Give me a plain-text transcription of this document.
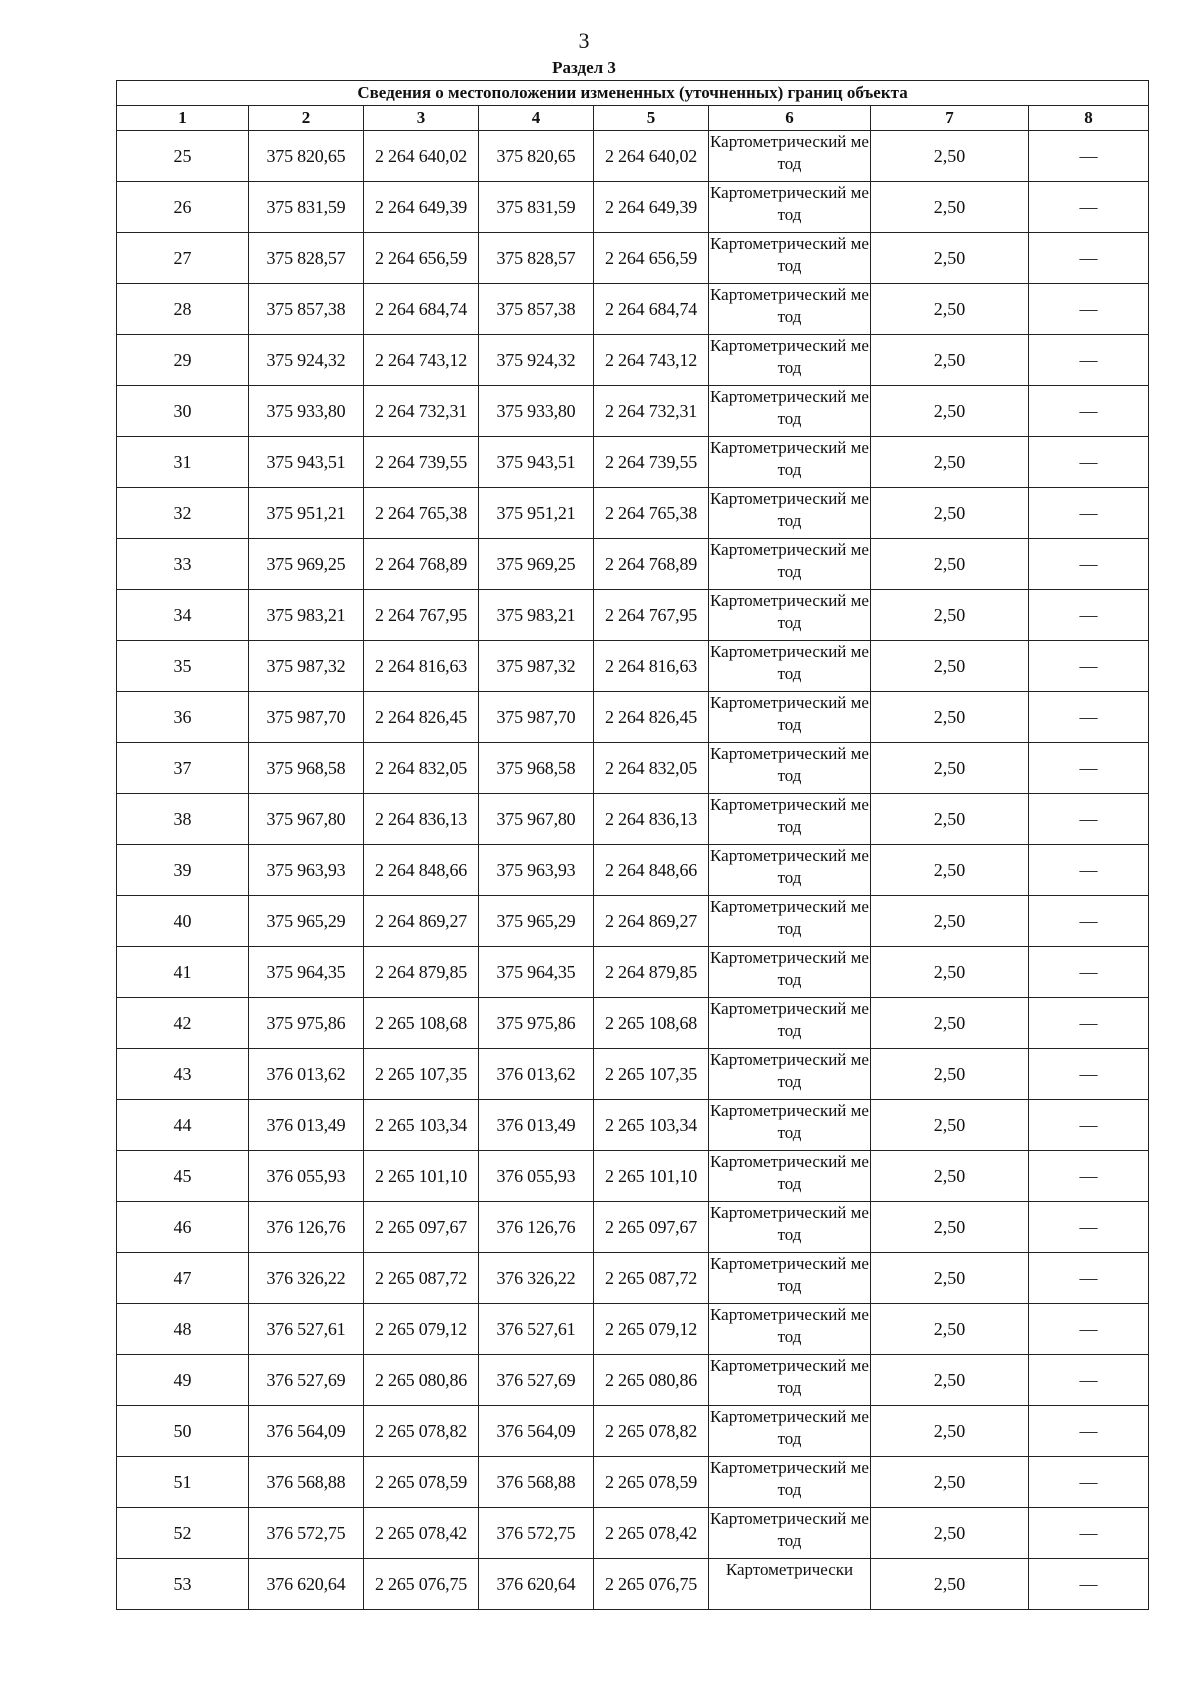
3
Раздел 3
Сведения о местоположении измененных (уточненных) границ объекта							
1	2	3	4	5	6	7	8
25	375 820,65	2 264 640,02	375 820,65	2 264 640,02	Картометрический метод	2,50	—
26	375 831,59	2 264 649,39	375 831,59	2 264 649,39	Картометрический метод	2,50	—
27	375 828,57	2 264 656,59	375 828,57	2 264 656,59	Картометрический метод	2,50	—
28	375 857,38	2 264 684,74	375 857,38	2 264 684,74	Картометрический метод	2,50	—
29	375 924,32	2 264 743,12	375 924,32	2 264 743,12	Картометрический метод	2,50	—
30	375 933,80	2 264 732,31	375 933,80	2 264 732,31	Картометрический метод	2,50	—
31	375 943,51	2 264 739,55	375 943,51	2 264 739,55	Картометрический метод	2,50	—
32	375 951,21	2 264 765,38	375 951,21	2 264 765,38	Картометрический метод	2,50	—
33	375 969,25	2 264 768,89	375 969,25	2 264 768,89	Картометрический метод	2,50	—
34	375 983,21	2 264 767,95	375 983,21	2 264 767,95	Картометрический метод	2,50	—
35	375 987,32	2 264 816,63	375 987,32	2 264 816,63	Картометрический метод	2,50	—
36	375 987,70	2 264 826,45	375 987,70	2 264 826,45	Картометрический метод	2,50	—
37	375 968,58	2 264 832,05	375 968,58	2 264 832,05	Картометрический метод	2,50	—
38	375 967,80	2 264 836,13	375 967,80	2 264 836,13	Картометрический метод	2,50	—
39	375 963,93	2 264 848,66	375 963,93	2 264 848,66	Картометрический метод	2,50	—
40	375 965,29	2 264 869,27	375 965,29	2 264 869,27	Картометрический метод	2,50	—
41	375 964,35	2 264 879,85	375 964,35	2 264 879,85	Картометрический метод	2,50	—
42	375 975,86	2 265 108,68	375 975,86	2 265 108,68	Картометрический метод	2,50	—
43	376 013,62	2 265 107,35	376 013,62	2 265 107,35	Картометрический метод	2,50	—
44	376 013,49	2 265 103,34	376 013,49	2 265 103,34	Картометрический метод	2,50	—
45	376 055,93	2 265 101,10	376 055,93	2 265 101,10	Картометрический метод	2,50	—
46	376 126,76	2 265 097,67	376 126,76	2 265 097,67	Картометрический метод	2,50	—
47	376 326,22	2 265 087,72	376 326,22	2 265 087,72	Картометрический метод	2,50	—
48	376 527,61	2 265 079,12	376 527,61	2 265 079,12	Картометрический метод	2,50	—
49	376 527,69	2 265 080,86	376 527,69	2 265 080,86	Картометрический метод	2,50	—
50	376 564,09	2 265 078,82	376 564,09	2 265 078,82	Картометрический метод	2,50	—
51	376 568,88	2 265 078,59	376 568,88	2 265 078,59	Картометрический метод	2,50	—
52	376 572,75	2 265 078,42	376 572,75	2 265 078,42	Картометрический метод	2,50	—
53	376 620,64	2 265 076,75	376 620,64	2 265 076,75	Картометрически	2,50	—
